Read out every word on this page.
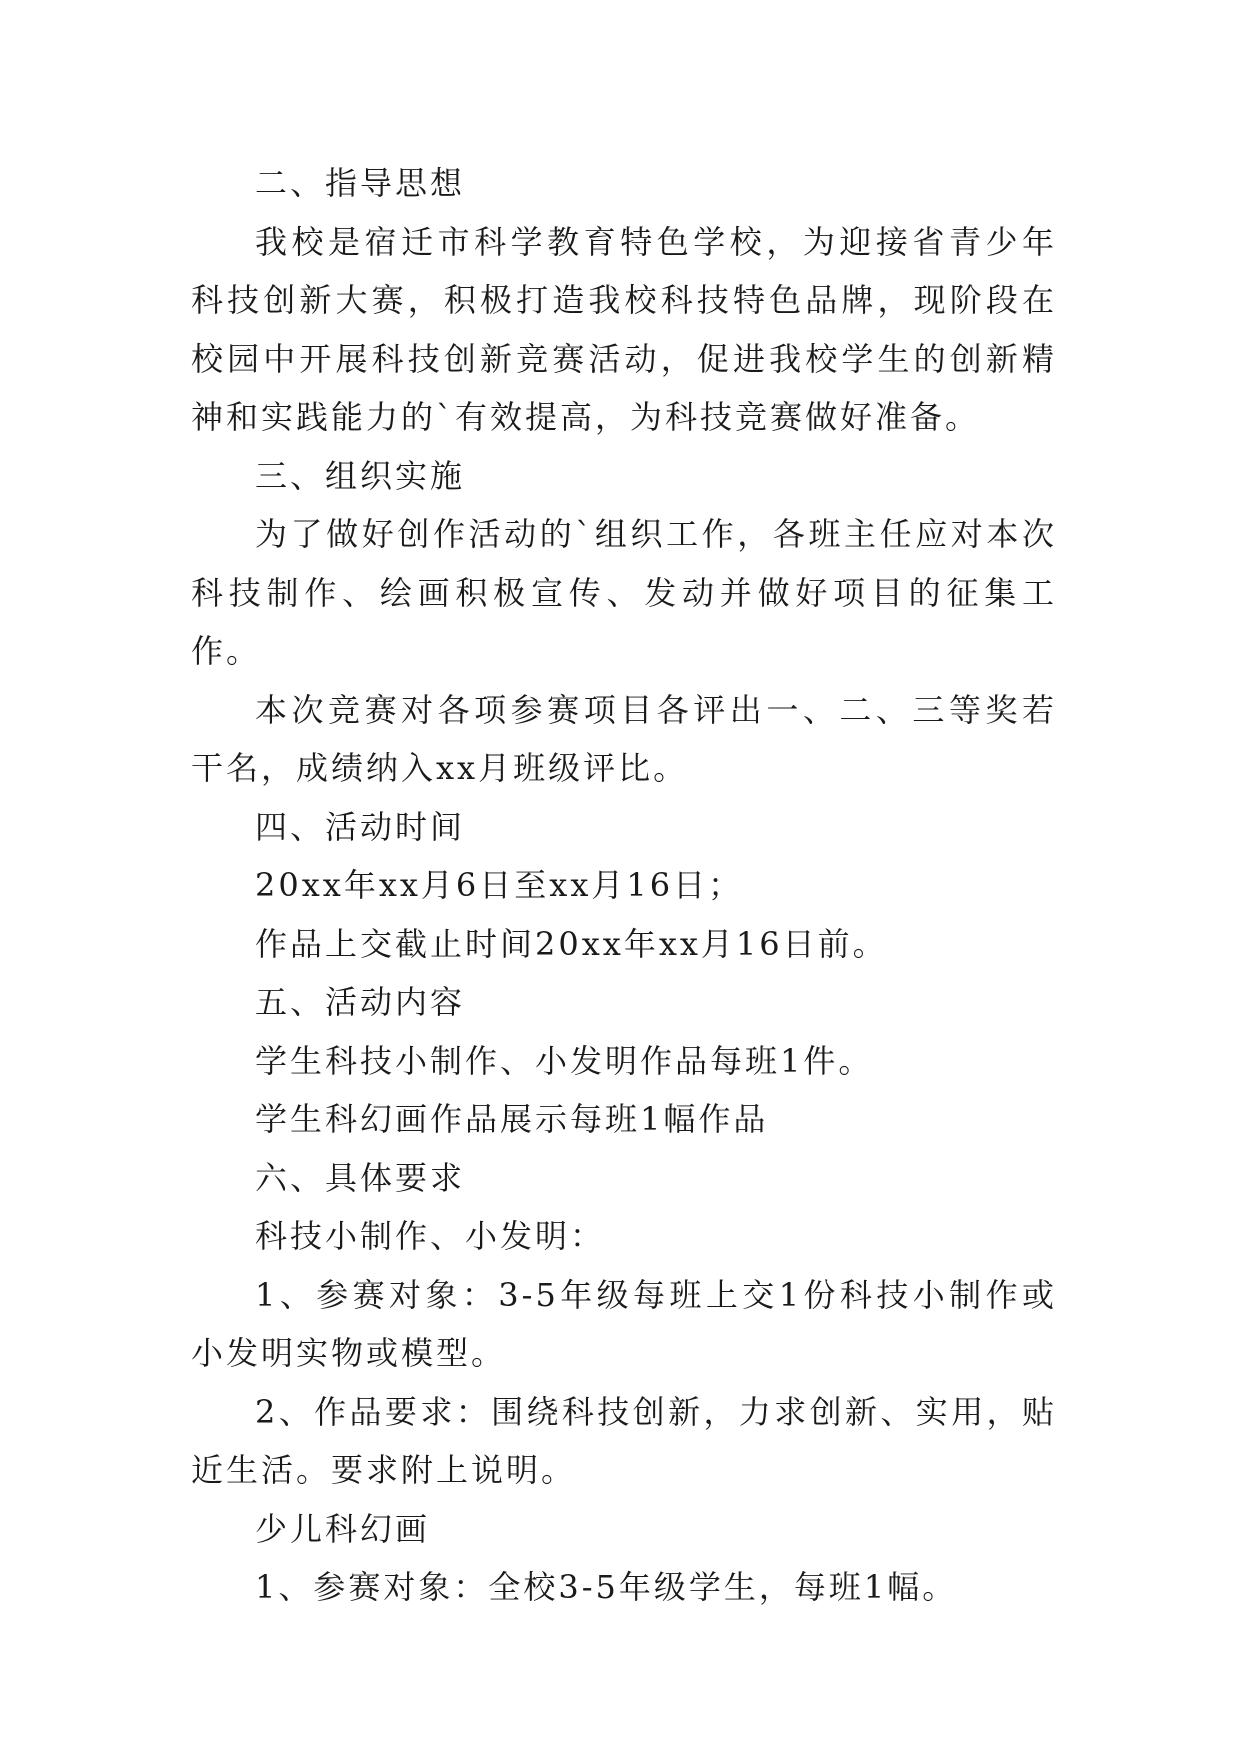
二、指导思想

我校是宿迁市科学教育特色学校，为迎接省青少年科技创新大赛，积极打造我校科技特色品牌，现阶段在校园中开展科技创新竞赛活动，促进我校学生的创新精神和实践能力的`有效提高，为科技竞赛做好准备。

三、组织实施

为了做好创作活动的`组织工作，各班主任应对本次科技制作、绘画积极宣传、发动并做好项目的征集工作。

本次竞赛对各项参赛项目各评出一、二、三等奖若干名，成绩纳入xx月班级评比。

四、活动时间

20xx年xx月6日至xx月16日；

作品上交截止时间20xx年xx月16日前。

五、活动内容

学生科技小制作、小发明作品每班1件。

学生科幻画作品展示每班1幅作品

六、具体要求

科技小制作、小发明：

1、参赛对象：3-5年级每班上交1份科技小制作或小发明实物或模型。

2、作品要求：围绕科技创新，力求创新、实用，贴近生活。要求附上说明。

少儿科幻画

1、参赛对象：全校3-5年级学生，每班1幅。
